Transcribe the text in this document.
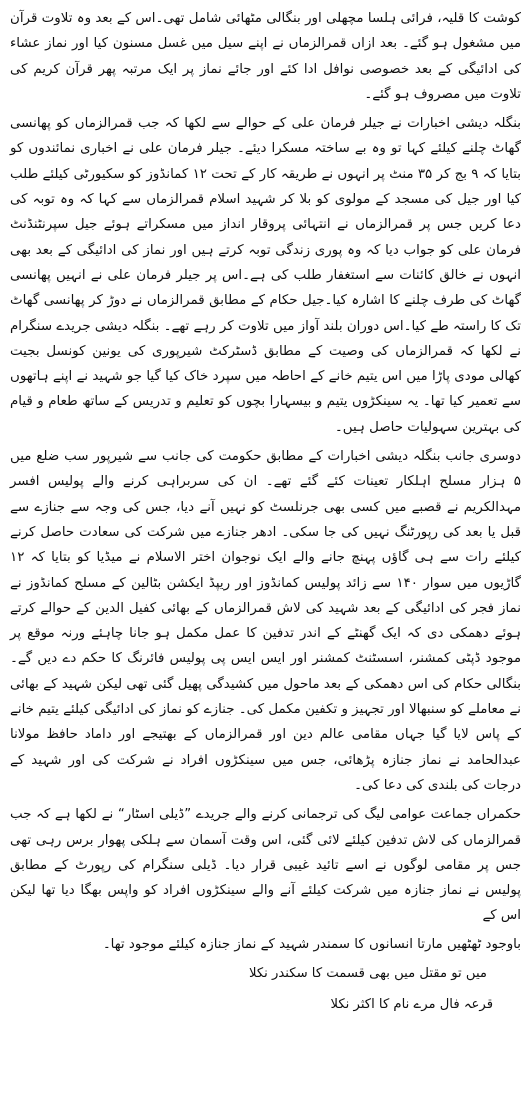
کوشت کا قلیہ، فرائی ہلسا مچھلی اور بنگالی مٹھائی شامل تھی۔اس کے بعد وہ تلاوت قرآن میں مشغول ہو گئے۔ بعد ازاں قمرالزماں نے اپنے سیل میں غسل مسنون کیا اور نماز عشاء کی ادائیگی کے بعد خصوصی نوافل ادا کئے اور جائے نماز پر ایک مرتبہ پھر قرآن کریم کی تلاوت میں مصروف ہو گئے۔

بنگلہ دیشی اخبارات نے جیلر فرمان علی کے حوالے سے لکھا کہ جب قمرالزماں کو پھانسی گھاٹ چلنے کیلئے کہا تو وہ بے ساختہ مسکرا دیئے۔ جیلر فرمان علی نے اخباری نمائندوں کو بتایا کہ ۹ بج کر ۳۵ منٹ پر انہوں نے طریقہ کار کے تحت ۱۲ کمانڈوز کو سکیورٹی کیلئے طلب کیا اور جیل کی مسجد کے مولوی کو بلا کر شہید اسلام قمرالزماں سے کہا کہ وہ توبہ کی دعا کریں جس پر قمرالزماں نے انتہائی پروقار انداز میں مسکراتے ہوئے جیل سپرنٹنڈنٹ فرمان علی کو جواب دیا کہ وہ پوری زندگی توبہ کرتے ہیں اور نماز کی ادائیگی کے بعد بھی انہوں نے خالق کائنات سے استغفار طلب کی ہے۔اس پر جیلر فرمان علی نے انہیں پھانسی گھاٹ کی طرف چلنے کا اشارہ کیا۔جیل حکام کے مطابق قمرالزماں نے دوڑ کر پھانسی گھاٹ تک کا راستہ طے کیا۔اس دوران بلند آواز میں تلاوت کر رہے تھے۔ بنگلہ دیشی جریدے سنگرام نے لکھا کہ قمرالزماں کی وصیت کے مطابق ڈسٹرکٹ شیرپوری کی یونین کونسل بجیت کھالی مودی پاڑا میں اس یتیم خانے کے احاطہ میں سپرد خاک کیا گیا جو شہید نے اپنے ہاتھوں سے تعمیر کیا تھا۔ یہ سینکڑوں یتیم و بیسہارا بچوں کو تعلیم و تدریس کے ساتھ طعام و قیام کی بہترین سہولیات حاصل ہیں۔

دوسری جانب بنگلہ دیشی اخبارات کے مطابق حکومت کی جانب سے شیرپور سب ضلع میں ۵ ہزار مسلح اہلکار تعینات کئے گئے تھے۔ ان کی سربراہی کرنے والے پولیس افسر مہدالکریم نے قصبے میں کسی بھی جرنلسٹ کو نہیں آنے دیا، جس کی وجہ سے جنازے سے قبل یا بعد کی رپورٹنگ نہیں کی جا سکی۔ ادھر جنازے میں شرکت کی سعادت حاصل کرنے کیلئے رات سے ہی گاؤں پہنچ جانے والے ایک نوجوان اختر الاسلام نے میڈیا کو بتایا کہ ۱۲ گاڑیوں میں سوار ۱۴۰ سے زائد پولیس کمانڈوز اور ریپڈ ایکشن بٹالین کے مسلح کمانڈوز نے نماز فجر کی ادائیگی کے بعد شہید کی لاش قمرالزماں کے بھائی کفیل الدین کے حوالے کرتے ہوئے دھمکی دی کہ ایک گھنٹے کے اندر تدفین کا عمل مکمل ہو جانا چاہئے ورنہ موقع پر موجود ڈپٹی کمشنر، اسسٹنٹ کمشنر اور ایس ایس پی پولیس فائرنگ کا حکم دے دیں گے۔ بنگالی حکام کی اس دھمکی کے بعد ماحول میں کشیدگی پھیل گئی تھی لیکن شہید کے بھائی نے معاملے کو سنبھالا اور تجہیز و تکفین مکمل کی۔ جنازے کو نماز کی ادائیگی کیلئے یتیم خانے کے پاس لایا گیا جہاں مقامی عالم دین اور قمرالزماں کے بھتیجے اور داماد حافظ مولانا عبدالحامد نے نماز جنازہ پڑھائی، جس میں سینکڑوں افراد نے شرکت کی اور شہید کے درجات کی بلندی کی دعا کی۔

حکمراں جماعت عوامی لیگ کی ترجمانی کرنے والے جریدے ”ڈیلی اسٹار“ نے لکھا ہے کہ جب قمرالزماں کی لاش تدفین کیلئے لائی گئی، اس وقت آسمان سے ہلکی پھوار برس رہی تھی جس پر مقامی لوگوں نے اسے تائید غیبی قرار دیا۔ ڈیلی سنگرام کی رپورٹ کے مطابق پولیس نے نماز جنازہ میں شرکت کیلئے آنے والے سینکڑوں افراد کو واپس بھگا دیا تھا لیکن اس کے

باوجود ٹھٹھیں مارتا انسانوں کا سمندر شہید کے نماز جنازہ کیلئے موجود تھا۔

میں تو مقتل میں بھی قسمت کا سکندر نکلا
قرعہ فال مرے نام کا اکثر نکلا
